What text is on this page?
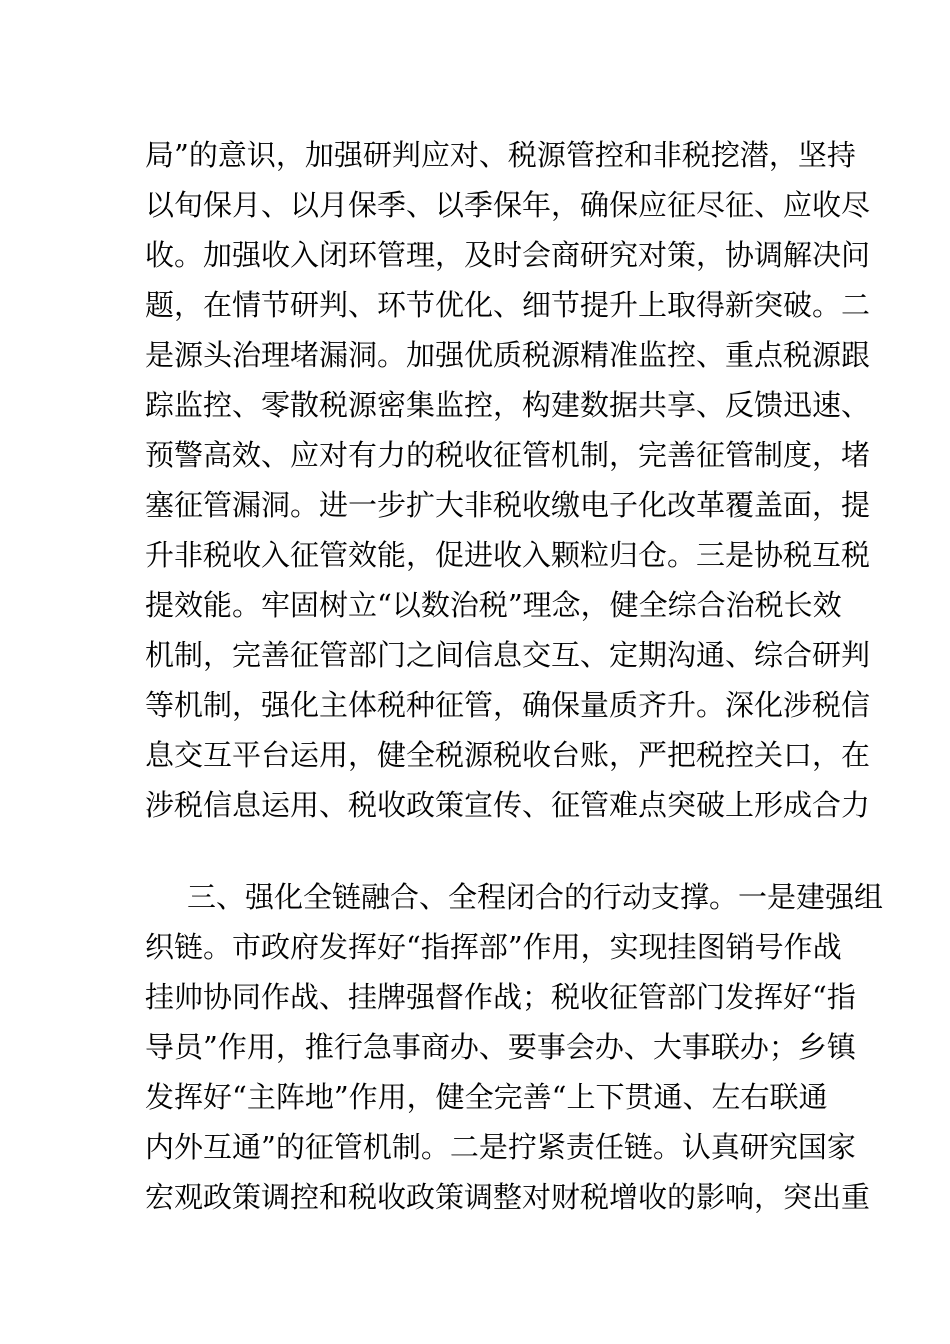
局”的意识，加强研判应对、税源管控和非税挖潜，坚持
以旬保月、以月保季、以季保年，确保应征尽征、应收尽
收。加强收入闭环管理，及时会商研究对策，协调解决问
题，在情节研判、环节优化、细节提升上取得新突破。二
是源头治理堵漏洞。加强优质税源精准监控、重点税源跟
踪监控、零散税源密集监控，构建数据共享、反馈迅速、
预警高效、应对有力的税收征管机制，完善征管制度，堵
塞征管漏洞。进一步扩大非税收缴电子化改革覆盖面，提
升非税收入征管效能，促进收入颗粒归仓。三是协税互税
提效能。牢固树立“以数治税”理念，健全综合治税长效
机制，完善征管部门之间信息交互、定期沟通、综合研判
等机制，强化主体税种征管，确保量质齐升。深化涉税信
息交互平台运用，健全税源税收台账，严把税控关口，在
涉税信息运用、税收政策宣传、征管难点突破上形成合力
三、强化全链融合、全程闭合的行动支撑。一是建强组
织链。市政府发挥好“指挥部”作用，实现挂图销号作战
挂帅协同作战、挂牌强督作战；税收征管部门发挥好“指
导员”作用，推行急事商办、要事会办、大事联办；乡镇
发挥好“主阵地”作用，健全完善“上下贯通、左右联通
内外互通”的征管机制。二是拧紧责任链。认真研究国家
宏观政策调控和税收政策调整对财税增收的影响，突出重
